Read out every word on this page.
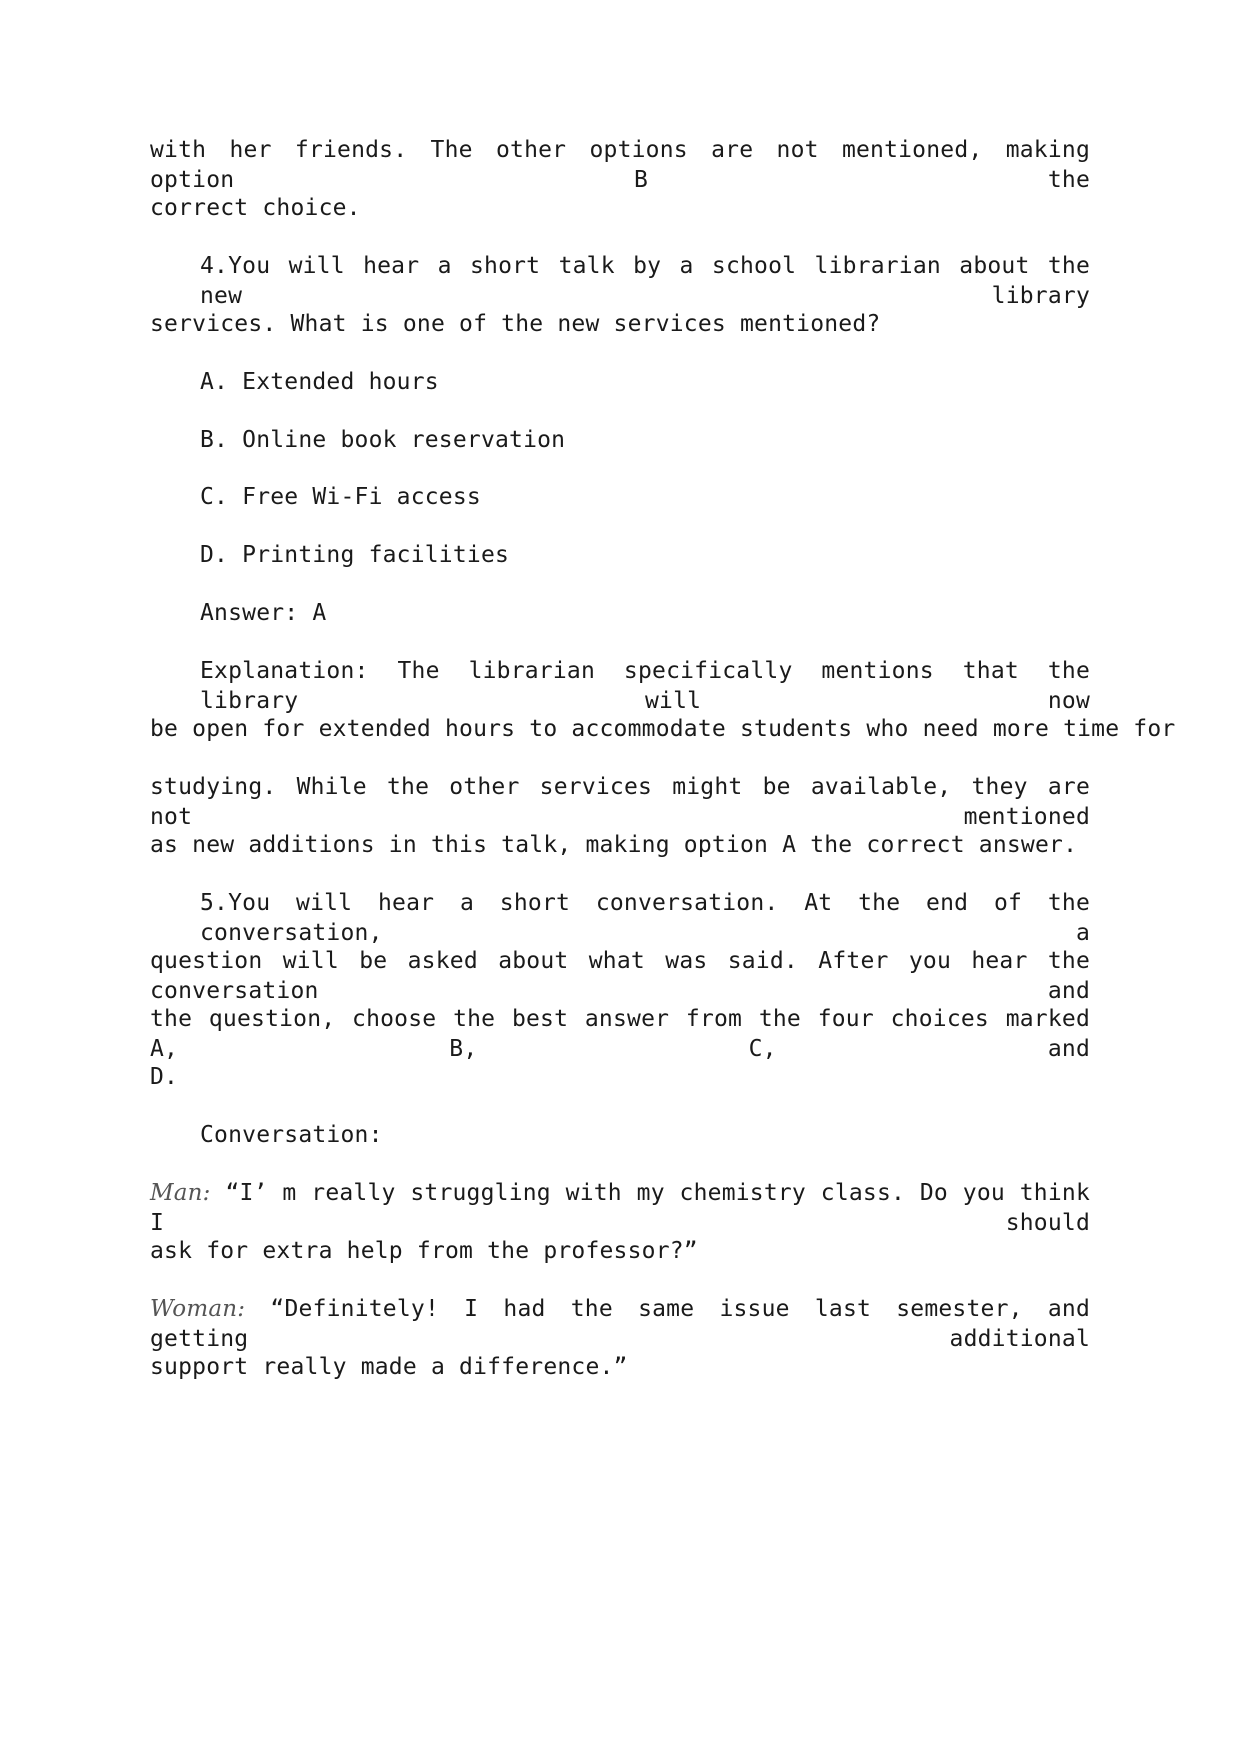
with her friends. The other options are not mentioned, making option B the
correct choice.
4.You will hear a short talk by a school librarian about the new library
services. What is one of the new services mentioned?
A. Extended hours
B. Online book reservation
C. Free Wi-Fi access
D. Printing facilities
Answer: A
Explanation: The librarian specifically mentions that the library will now
be open for extended hours to accommodate students who need more time for
studying. While the other services might be available, they are not mentioned
as new additions in this talk, making option A the correct answer.
5.You will hear a short conversation. At the end of the conversation, a
question will be asked about what was said. After you hear the conversation and
the question, choose the best answer from the four choices marked A, B, C, and
D.
Conversation:
Man: “I’ m really struggling with my chemistry class. Do you think I should
ask for extra help from the professor?”
Woman: “Definitely! I had the same issue last semester, and getting additional
support really made a difference.”
